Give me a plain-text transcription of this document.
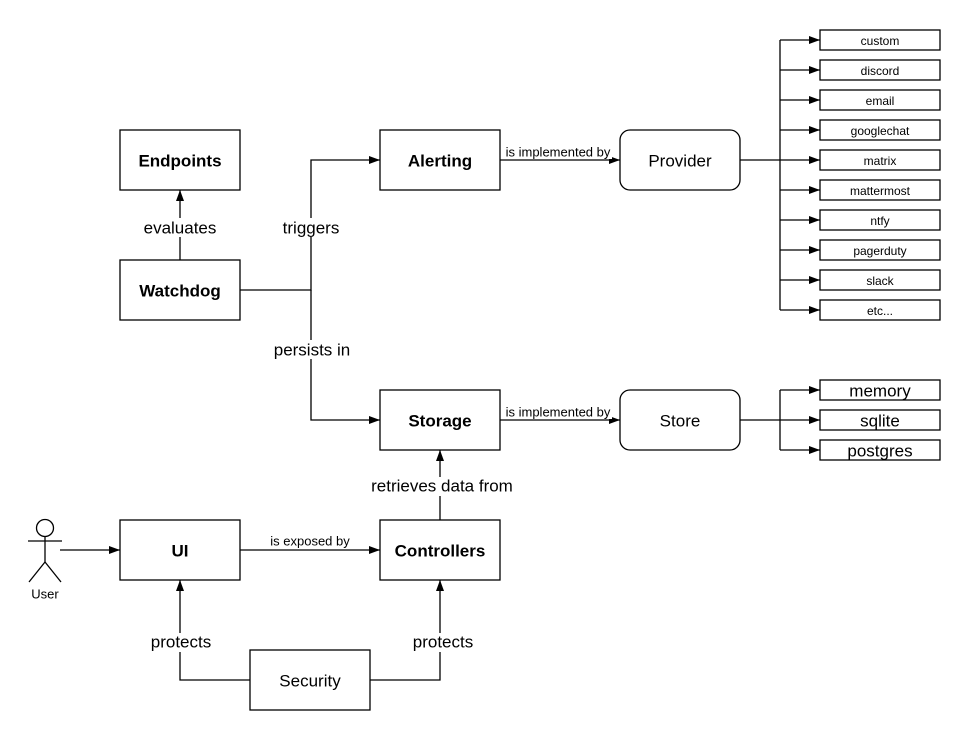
evaluates	triggers
persists in
is implemented by
is implemented by
is exposed by
retrieves data from
protects	protects
Endpoints
Watchdog
Alerting	Provider
Storage	Store
UI	Controllers
Security
custom
discord
email
googlechat
matrix
mattermost
ntfy
pagerduty
slack
etc...
memory
sqlite
postgres
User
